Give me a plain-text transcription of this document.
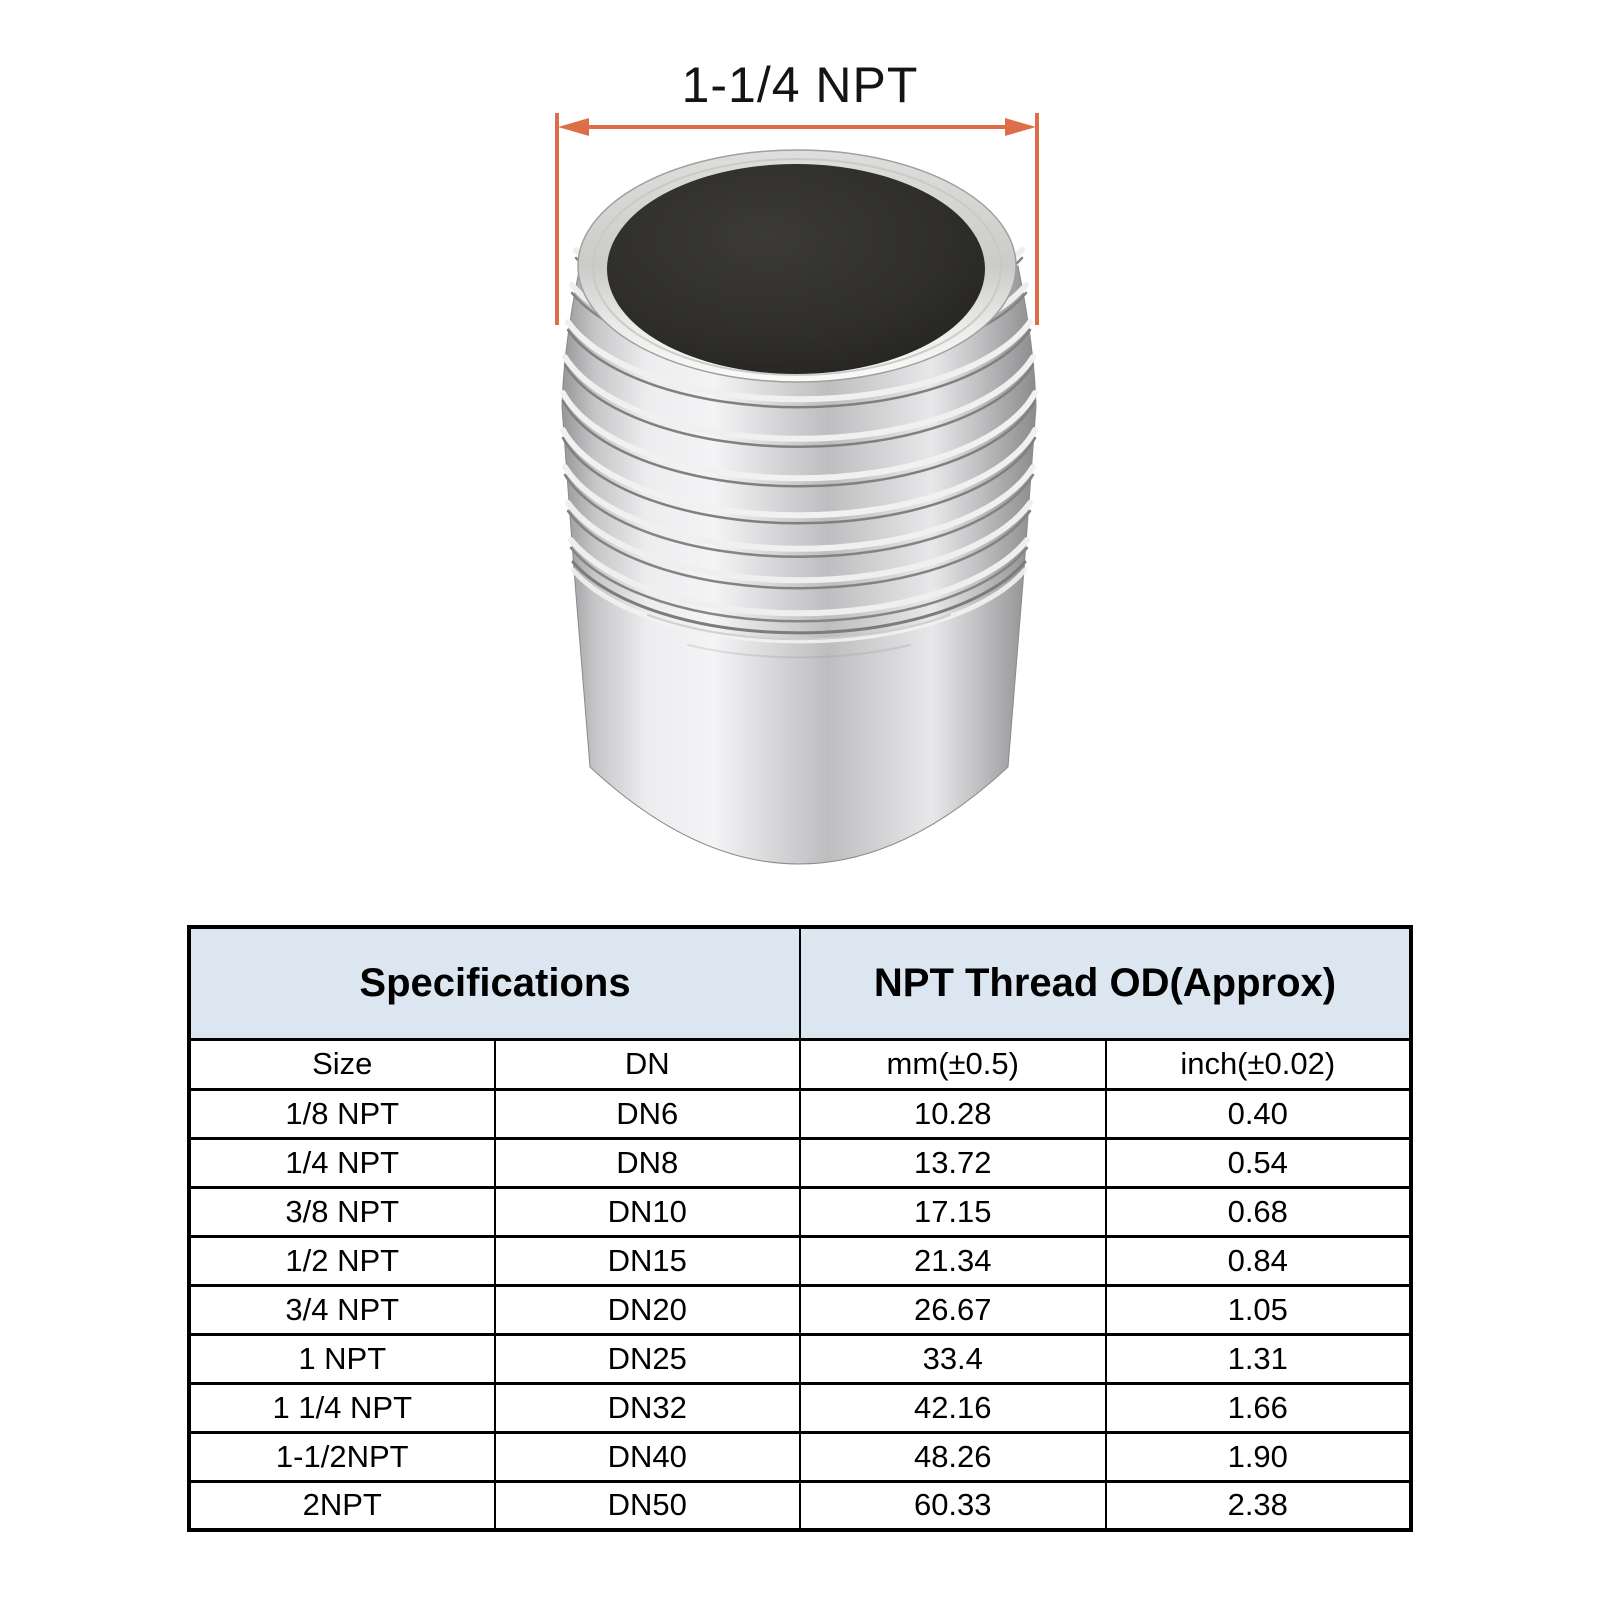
1-1/4 NPT
Specifications		NPT Thread OD(Approx)	
Size	DN	mm(±0.5)	inch(±0.02)
1/8 NPT	DN6	10.28	0.40
1/4 NPT	DN8	13.72	0.54
3/8 NPT	DN10	17.15	0.68
1/2 NPT	DN15	21.34	0.84
3/4 NPT	DN20	26.67	1.05
1 NPT	DN25	33.4	1.31
1 1/4 NPT	DN32	42.16	1.66
1-1/2NPT	DN40	48.26	1.90
2NPT	DN50	60.33	2.38
